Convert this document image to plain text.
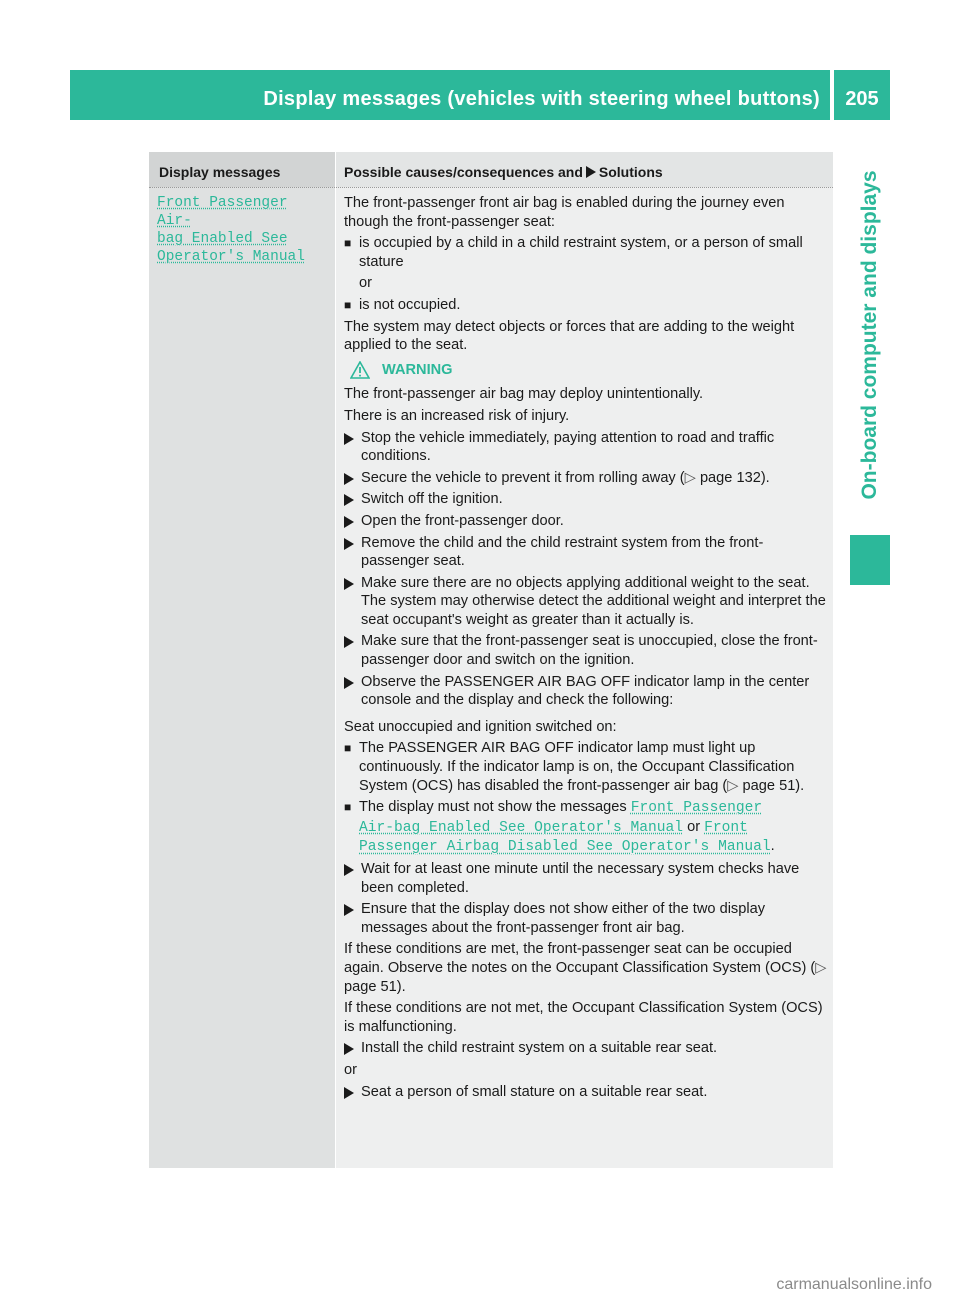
Display messages (vehicles with steering wheel buttons)	205
On-board computer and displays
Display messages
Front Passenger Air‑
bag Enabled See
Operator's Manual
Possible causes/consequences and Solutions
The front-passenger front air bag is enabled during the journey even though the front-passenger seat:
■ is occupied by a child in a child restraint system, or a person of small stature
or
■ is not occupied.
The system may detect objects or forces that are adding to the weight applied to the seat.
WARNING
The front-passenger air bag may deploy unintentionally.
There is an increased risk of injury.
Stop the vehicle immediately, paying attention to road and traffic conditions.
Secure the vehicle to prevent it from rolling away (▷ page 132).
Switch off the ignition.
Open the front-passenger door.
Remove the child and the child restraint system from the front-passenger seat.
Make sure there are no objects applying additional weight to the seat.
The system may otherwise detect the additional weight and interpret the seat occupant's weight as greater than it actually is.
Make sure that the front-passenger seat is unoccupied, close the front-passenger door and switch on the ignition.
Observe the PASSENGER AIR BAG OFF indicator lamp in the center console and the display and check the following:
Seat unoccupied and ignition switched on:
■ The PASSENGER AIR BAG OFF indicator lamp must light up continuously. If the indicator lamp is on, the Occupant Classification System (OCS) has disabled the front-passenger air bag (▷ page 51).
■ The display must not show the messages Front Passenger Air‑bag Enabled See Operator's Manual or Front Passenger Airbag Disabled See Operator's Manual.
Wait for at least one minute until the necessary system checks have been completed.
Ensure that the display does not show either of the two display messages about the front-passenger front air bag.
If these conditions are met, the front-passenger seat can be occupied again. Observe the notes on the Occupant Classification System (OCS) (▷ page 51).
If these conditions are not met, the Occupant Classification System (OCS) is malfunctioning.
Install the child restraint system on a suitable rear seat.
or
Seat a person of small stature on a suitable rear seat.
carmanualsonline.info
